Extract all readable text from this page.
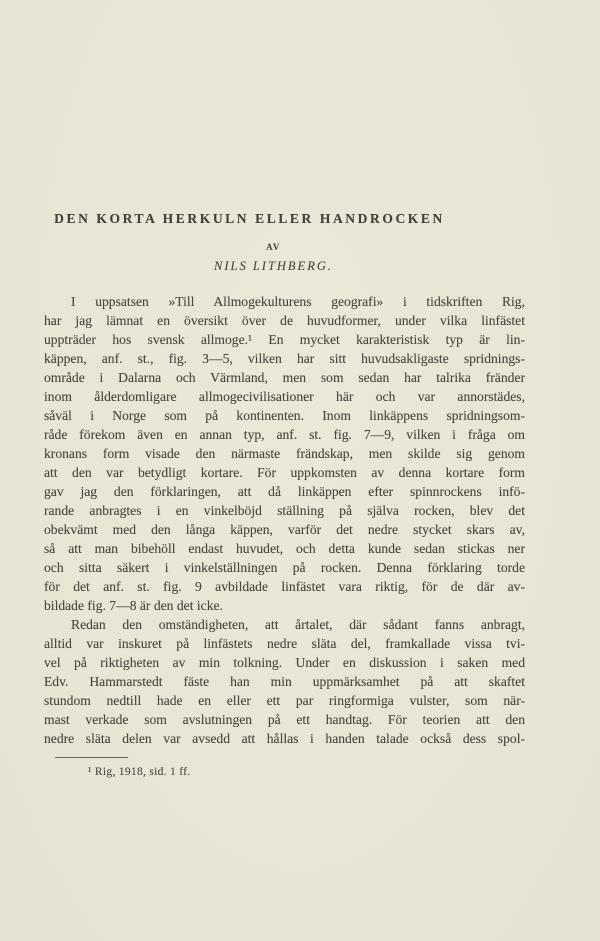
DEN KORTA HERKULN ELLER HANDROCKEN
AV
NILS LITHBERG.
I uppsatsen »Till Allmogekulturens geografi» i tidskriften Rig,
har jag lämnat en översikt över de huvudformer, under vilka linfästet
uppträder hos svensk allmoge.¹ En mycket karakteristisk typ är lin-
käppen, anf. st., fig. 3—5, vilken har sitt huvudsakligaste spridnings-
område i Dalarna och Värmland, men som sedan har talrika fränder
inom ålderdomligare allmogecivilisationer här och var annorstädes,
såväl i Norge som på kontinenten. Inom linkäppens spridningsom-
råde förekom även en annan typ, anf. st. fig. 7—9, vilken i fråga om
kronans form visade den närmaste frändskap, men skilde sig genom
att den var betydligt kortare. För uppkomsten av denna kortare form
gav jag den förklaringen, att då linkäppen efter spinnrockens infö-
rande anbragtes i en vinkelböjd ställning på själva rocken, blev det
obekvämt med den långa käppen, varför det nedre stycket skars av,
så att man bibehöll endast huvudet, och detta kunde sedan stickas ner
och sitta säkert i vinkelställningen på rocken. Denna förklaring torde
för det anf. st. fig. 9 avbildade linfästet vara riktig, för de där av-
bildade fig. 7—8 är den det icke.
Redan den omständigheten, att årtalet, där sådant fanns anbragt,
alltid var inskuret på linfästets nedre släta del, framkallade vissa tvi-
vel på riktigheten av min tolkning. Under en diskussion i saken med
Edv. Hammarstedt fäste han min uppmärksamhet på att skaftet
stundom nedtill hade en eller ett par ringformiga vulster, som när-
mast verkade som avslutningen på ett handtag. För teorien att den
nedre släta delen var avsedd att hållas i handen talade också dess spol-
¹ Rig, 1918, sid. 1 ff.
